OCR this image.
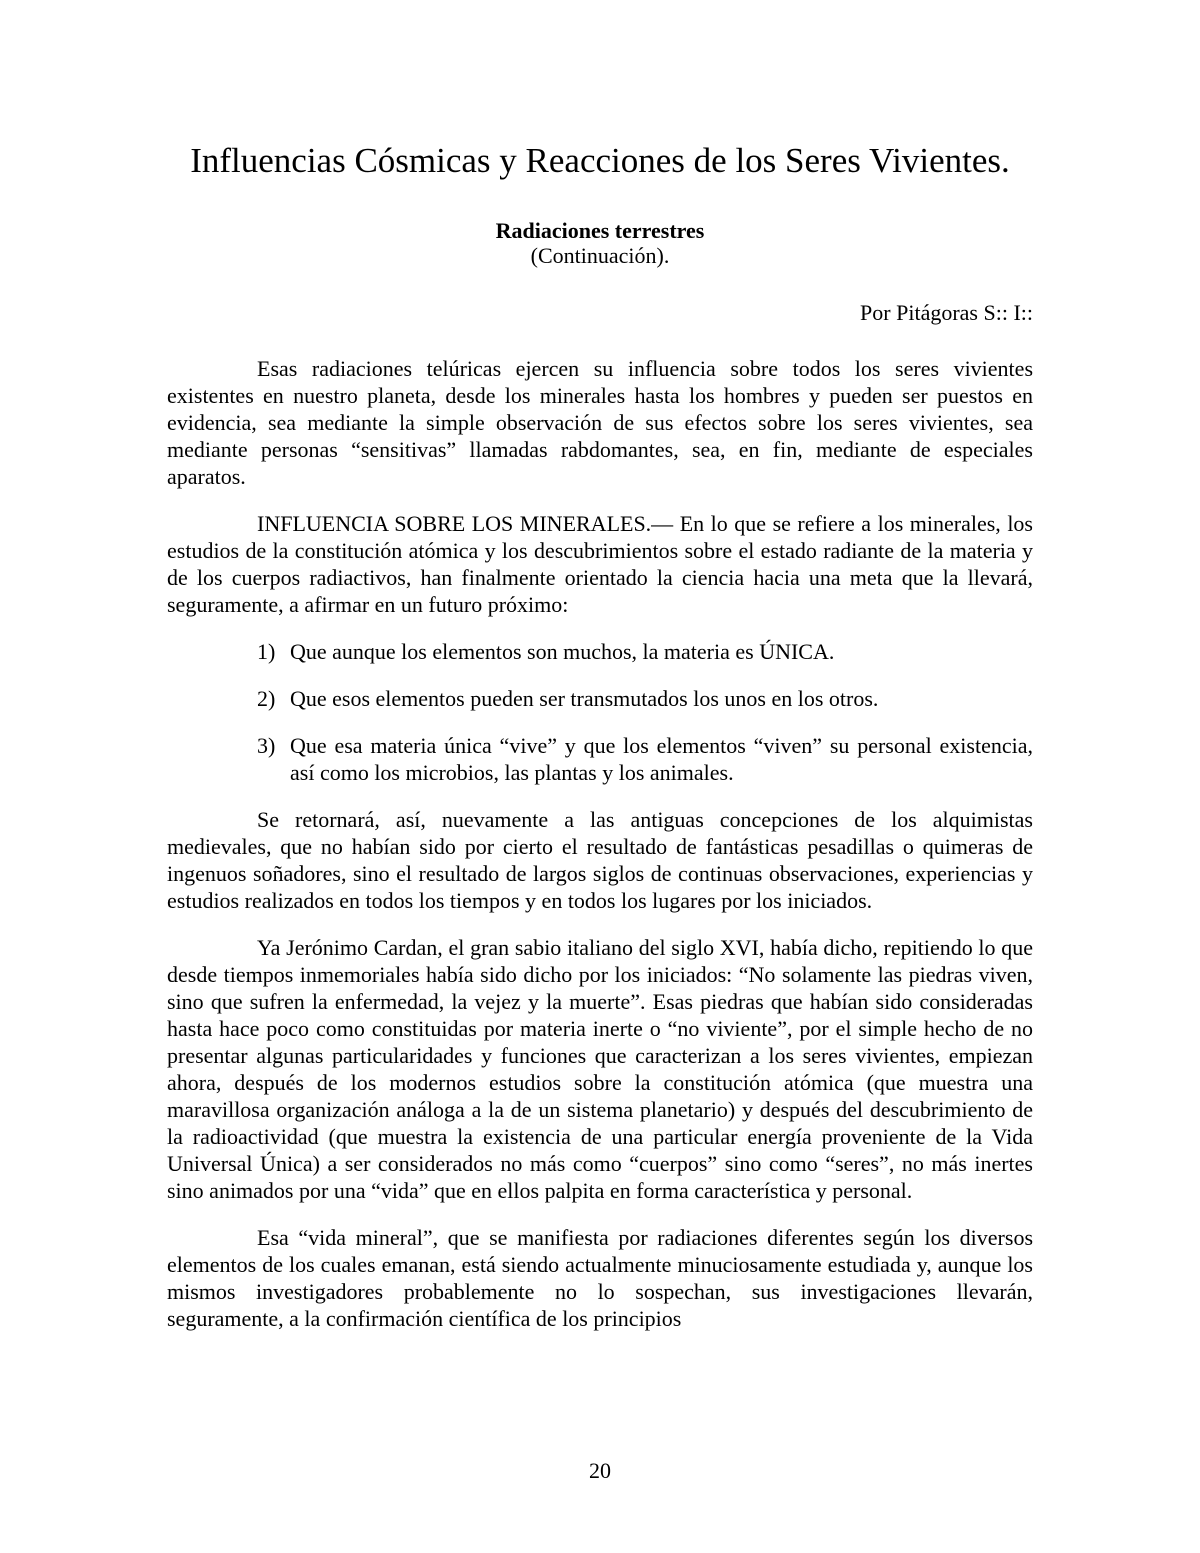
Influencias Cósmicas y Reacciones de los Seres Vivientes.
Radiaciones terrestres
(Continuación).
Por Pitágoras S:: I::

Esas radiaciones telúricas ejercen su influencia sobre todos los seres vivientes existentes en nuestro planeta, desde los minerales hasta los hombres y pueden ser puestos en evidencia, sea mediante la simple observación de sus efectos sobre los seres vivientes, sea mediante personas “sensitivas” llamadas rabdomantes, sea, en fin, mediante de especiales aparatos.

INFLUENCIA SOBRE LOS MINERALES.— En lo que se refiere a los minerales, los estudios de la constitución atómica y los descubrimientos sobre el estado radiante de la materia y de los cuerpos radiactivos, han finalmente orientado la ciencia hacia una meta que la llevará, seguramente, a afirmar en un futuro próximo:

1) Que aunque los elementos son muchos, la materia es ÚNICA.
2) Que esos elementos pueden ser transmutados los unos en los otros.
3) Que esa materia única “vive” y que los elementos “viven” su personal existencia, así como los microbios, las plantas y los animales.

Se retornará, así, nuevamente a las antiguas concepciones de los alquimistas medievales, que no habían sido por cierto el resultado de fantásticas pesadillas o quimeras de ingenuos soñadores, sino el resultado de largos siglos de continuas observaciones, experiencias y estudios realizados en todos los tiempos y en todos los lugares por los iniciados.

Ya Jerónimo Cardan, el gran sabio italiano del siglo XVI, había dicho, repitiendo lo que desde tiempos inmemoriales había sido dicho por los iniciados: “No solamente las piedras viven, sino que sufren la enfermedad, la vejez y la muerte”. Esas piedras que habían sido consideradas hasta hace poco como constituidas por materia inerte o “no viviente”, por el simple hecho de no presentar algunas particularidades y funciones que caracterizan a los seres vivientes, empiezan ahora, después de los modernos estudios sobre la constitución atómica (que muestra una maravillosa organización análoga a la de un sistema planetario) y después del descubrimiento de la radioactividad (que muestra la existencia de una particular energía proveniente de la Vida Universal Única) a ser considerados no más como “cuerpos” sino como “seres”, no más inertes sino animados por una “vida” que en ellos palpita en forma característica y personal.

Esa “vida mineral”, que se manifiesta por radiaciones diferentes según los diversos elementos de los cuales emanan, está siendo actualmente minuciosamente estudiada y, aunque los mismos investigadores probablemente no lo sospechan, sus investigaciones llevarán, seguramente, a la confirmación científica de los principios

20
